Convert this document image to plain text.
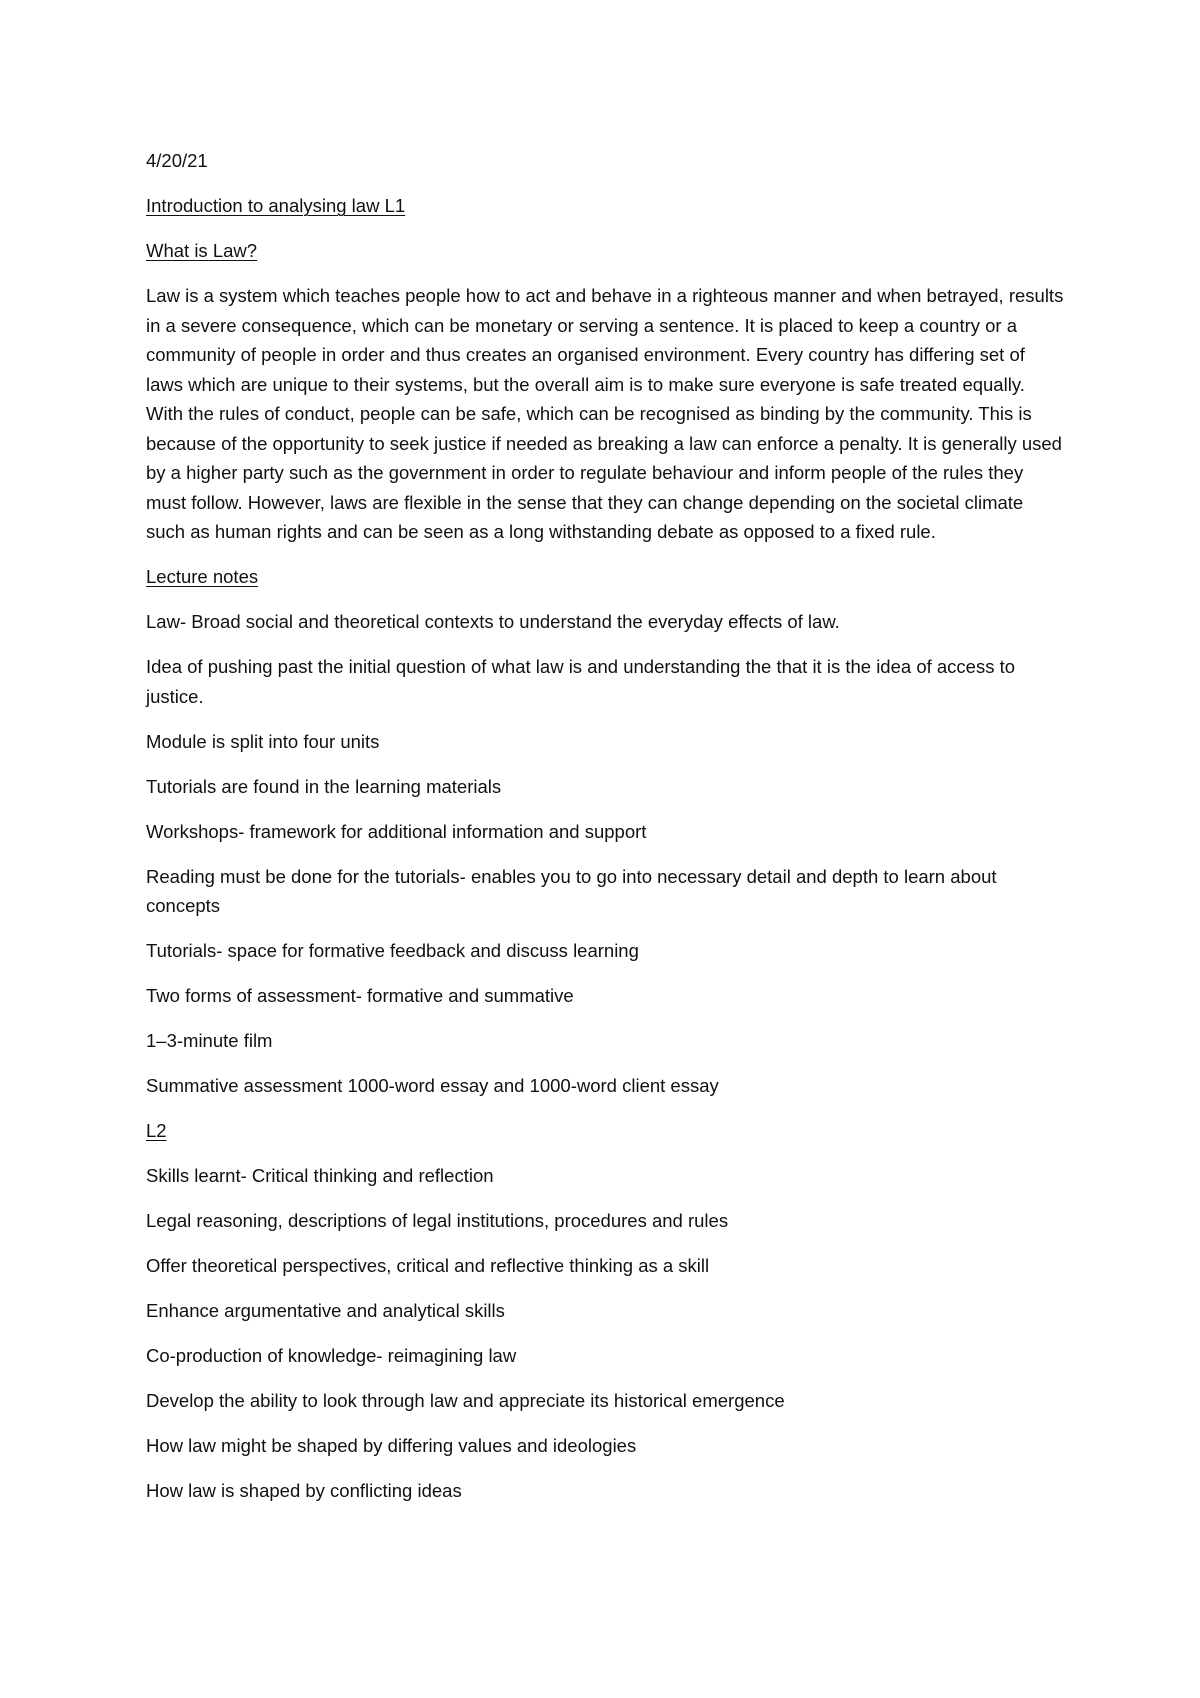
4/20/21

Introduction to analysing law L1

What is Law?

Law is a system which teaches people how to act and behave in a righteous manner and when betrayed, results in a severe consequence, which can be monetary or serving a sentence. It is placed to keep a country or a community of people in order and thus creates an organised environment. Every country has differing set of laws which are unique to their systems, but the overall aim is to make sure everyone is safe treated equally. With the rules of conduct, people can be safe, which can be recognised as binding by the community. This is because of the opportunity to seek justice if needed as breaking a law can enforce a penalty. It is generally used by a higher party such as the government in order to regulate behaviour and inform people of the rules they must follow. However, laws are flexible in the sense that they can change depending on the societal climate such as human rights and can be seen as a long withstanding debate as opposed to a fixed rule.

Lecture notes

Law- Broad social and theoretical contexts to understand the everyday effects of law.

Idea of pushing past the initial question of what law is and understanding the that it is the idea of access to justice.

Module is split into four units

Tutorials are found in the learning materials

Workshops- framework for additional information and support

Reading must be done for the tutorials- enables you to go into necessary detail and depth to learn about concepts

Tutorials- space for formative feedback and discuss learning

Two forms of assessment- formative and summative

1–3-minute film

Summative assessment 1000-word essay and 1000-word client essay

L2

Skills learnt- Critical thinking and reflection

Legal reasoning, descriptions of legal institutions, procedures and rules

Offer theoretical perspectives, critical and reflective thinking as a skill

Enhance argumentative and analytical skills

Co-production of knowledge- reimagining law

Develop the ability to look through law and appreciate its historical emergence

How law might be shaped by differing values and ideologies

How law is shaped by conflicting ideas
